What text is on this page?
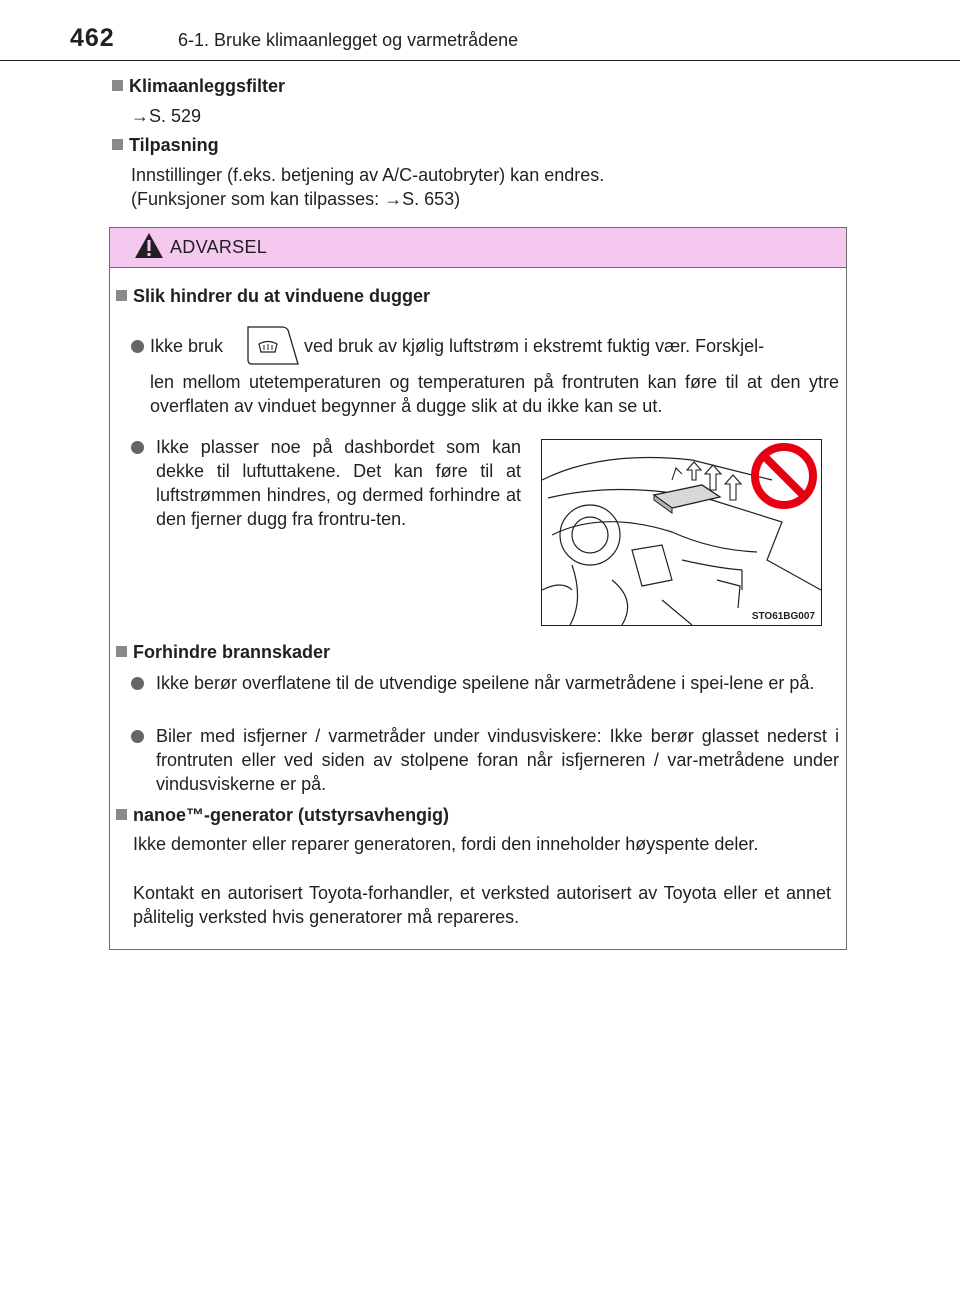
462	6-1. Bruke klimaanlegget og varmetrådene
Klimaanleggsfilter
→S. 529
Tilpasning
Innstillinger (f.eks. betjening av A/C-autobryter) kan endres.
(Funksjoner som kan tilpasses: →S. 653)
ADVARSEL
Slik hindrer du at vinduene dugger
Ikke bruk	ved bruk av kjølig luftstrøm i ekstremt fuktig vær. Forskjel-
len mellom utetemperaturen og temperaturen på frontruten kan føre til at den ytre overflaten av vinduet begynner å dugge slik at du ikke kan se ut.
Ikke plasser noe på dashbordet som kan dekke til luftuttakene. Det kan føre til at luftstrømmen hindres, og dermed forhindre at den fjerner dugg fra frontru-ten.
STO61BG007
Forhindre brannskader
Ikke berør overflatene til de utvendige speilene når varmetrådene i spei-lene er på.
Biler med isfjerner / varmetråder under vindusviskere: Ikke berør glasset nederst i frontruten eller ved siden av stolpene foran når isfjerneren / var-metrådene under vindusviskerne er på.
nanoe™-generator (utstyrsavhengig)
Ikke demonter eller reparer generatoren, fordi den inneholder høyspente deler.
Kontakt en autorisert Toyota-forhandler, et verksted autorisert av Toyota eller et annet pålitelig verksted hvis generatorer må repareres.
